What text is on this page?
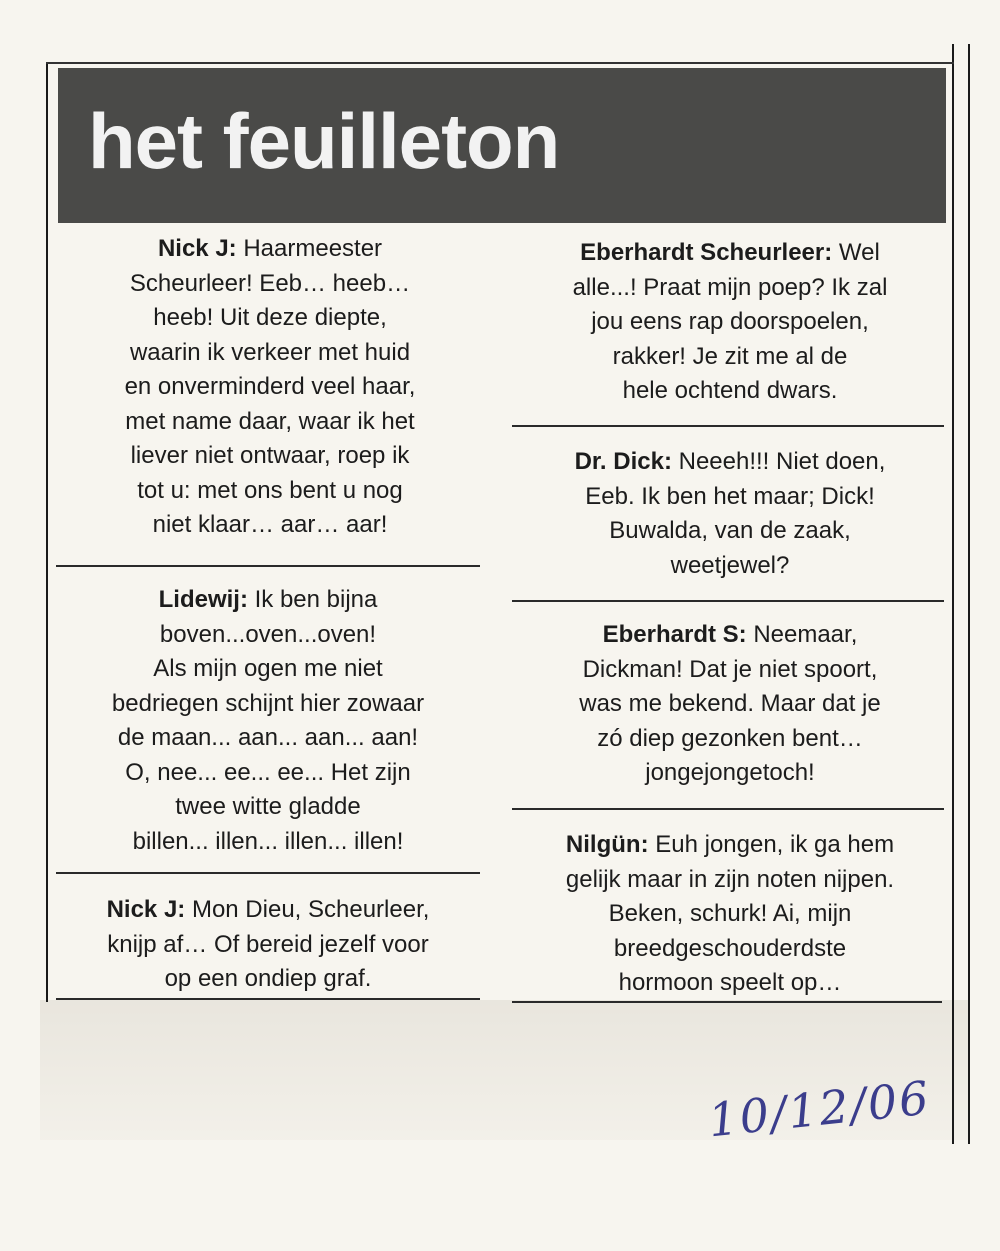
het feuilleton
Nick J: Haarmeester
Scheurleer! Eeb… heeb…
heeb! Uit deze diepte,
waarin ik verkeer met huid
en onverminderd veel haar,
met name daar, waar ik het
liever niet ontwaar, roep ik
tot u: met ons bent u nog
niet klaar… aar… aar!
Lidewij: Ik ben bijna
boven...oven...oven!
Als mijn ogen me niet
bedriegen schijnt hier zowaar
de maan... aan... aan... aan!
O, nee... ee... ee... Het zijn
twee witte gladde
billen... illen... illen... illen!
Nick J: Mon Dieu, Scheurleer,
knijp af… Of bereid jezelf voor
op een ondiep graf.
Eberhardt Scheurleer: Wel
alle...! Praat mijn poep? Ik zal
jou eens rap doorspoelen,
rakker! Je zit me al de
hele ochtend dwars.
Dr. Dick: Neeeh!!! Niet doen,
Eeb. Ik ben het maar; Dick!
Buwalda, van de zaak,
weetjewel?
Eberhardt S: Neemaar,
Dickman! Dat je niet spoort,
was me bekend. Maar dat je
zó diep gezonken bent…
jongejongetoch!
Nilgün: Euh jongen, ik ga hem
gelijk maar in zijn noten nijpen.
Beken, schurk! Ai, mijn
breedgeschouderdste
hormoon speelt op…
10/12/06
